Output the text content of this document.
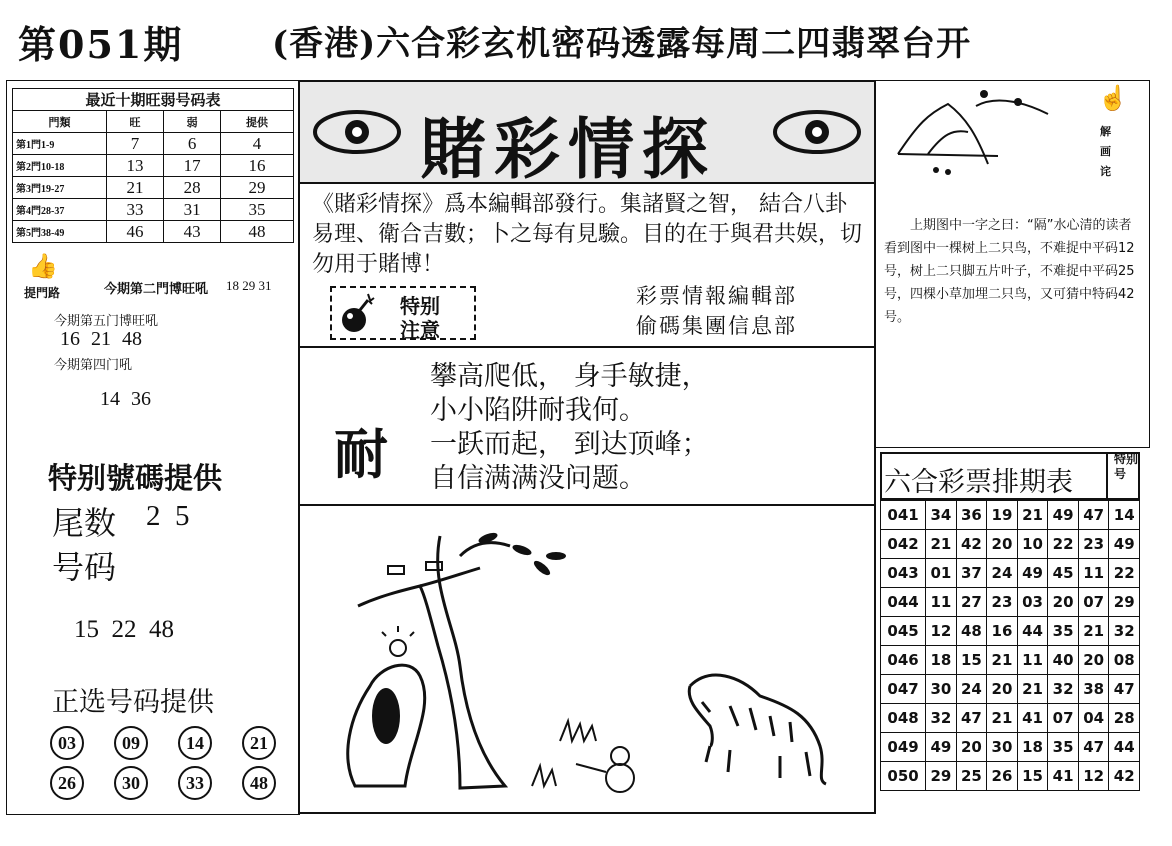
第051期	(香港)六合彩玄机密码透露每周二四翡翠台开
最近十期旺弱号码表			
門類	旺	弱	提供
第1門1-9	7	6	4
第2門10-18	13	17	16
第3門19-27	21	28	29
第4門28-37	33	31	35
第5門38-49	46	43	48
👍
提門路	今期第二門博旺吼 18 29 31
今期第五门博旺吼
16 21 48
今期第四门吼
14 36
特别號碼提供
尾数 2  5
号码
15  22  48
正选号码提供
03	09	14	21
26	30	33	48
賭彩情探
《賭彩情探》爲本編輯部發行。集諸賢之智， 結合八卦易理、衛合吉數；卜之每有見驗。目的在于與君共娱，切勿用于賭博！
特别
注意
彩票情報編輯部
偷碼集團信息部
耐
攀高爬低， 身手敏捷，
小小陷阱耐我何。
一跃而起， 到达顶峰；
自信满满没问题。
☝
解画诧
上期图中一字之曰：“隔”水心清的读者看到图中一棵树上二只鸟，不难捉中平码12号，树上二只脚五片叶子，不难捉中平码25号，四棵小草加埋二只鸟，又可猜中特码42号。
六合彩票排期表
特别号
041	34	36	19	21	49	47	14
042	21	42	20	10	22	23	49
043	01	37	24	49	45	11	22
044	11	27	23	03	20	07	29
045	12	48	16	44	35	21	32
046	18	15	21	11	40	20	08
047	30	24	20	21	32	38	47
048	32	47	21	41	07	04	28
049	49	20	30	18	35	47	44
050	29	25	26	15	41	12	42
